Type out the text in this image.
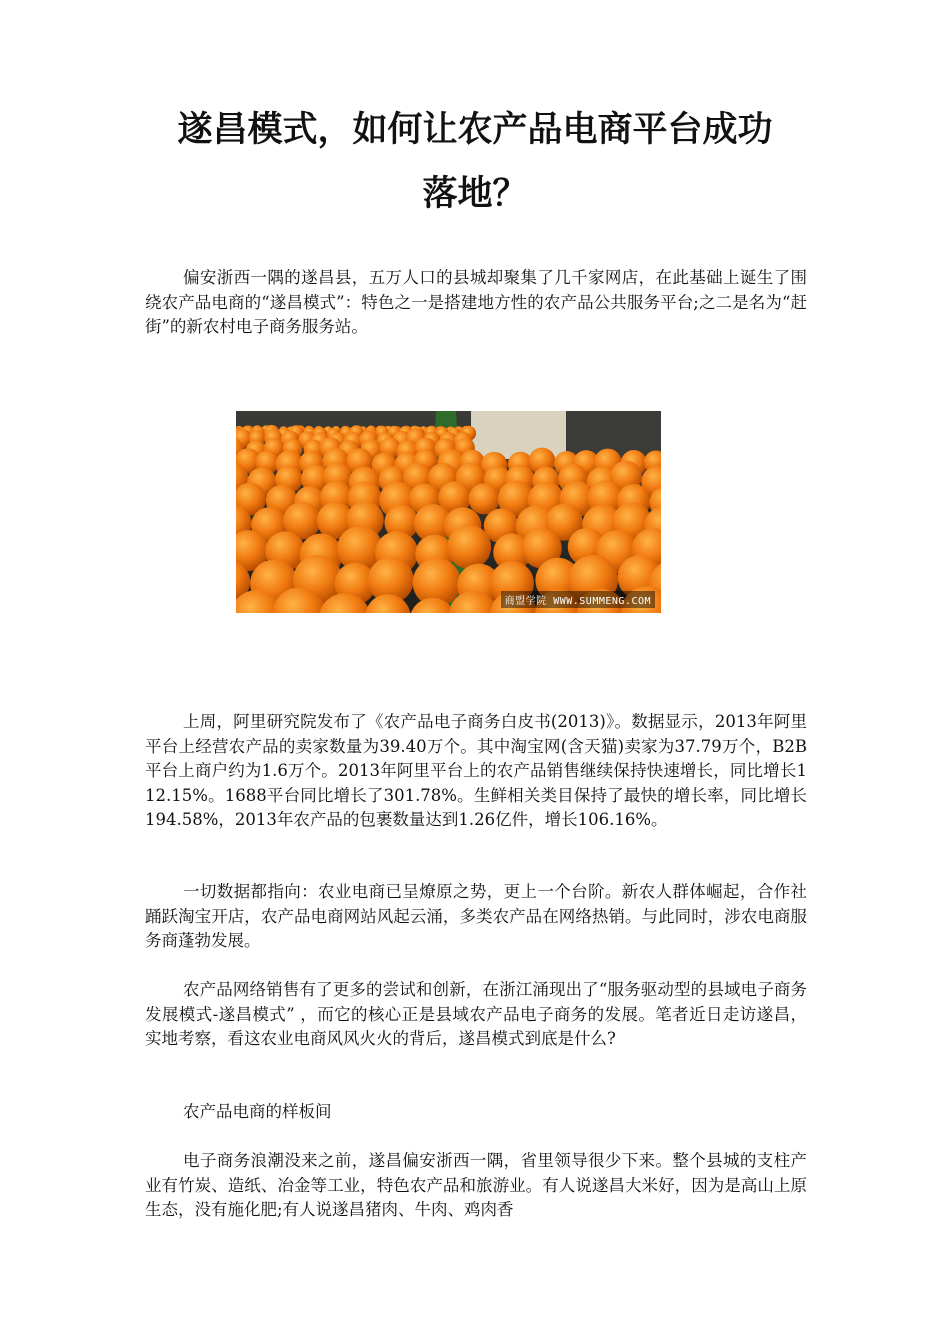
遂昌模式，如何让农产品电商平台成功
落地？

偏安浙西一隅的遂昌县，五万人口的县城却聚集了几千家网店，在此基础上诞生了围绕农产品电商的“遂昌模式”：特色之一是搭建地方性的农产品公共服务平台;之二是名为“赶街”的新农村电子商务服务站。

商盟学院 WWW.SUMMENG.COM

上周，阿里研究院发布了《农产品电子商务白皮书(2013)》。数据显示，2013年阿里平台上经营农产品的卖家数量为39.40万个。其中淘宝网(含天猫)卖家为37.79万个，B2B平台上商户约为1.6万个。2013年阿里平台上的农产品销售继续保持快速增长，同比增长112.15%。1688平台同比增长了301.78%。生鲜相关类目保持了最快的增长率，同比增长194.58%，2013年农产品的包裹数量达到1.26亿件，增长106.16%。

一切数据都指向：农业电商已呈燎原之势，更上一个台阶。新农人群体崛起，合作社踊跃淘宝开店，农产品电商网站风起云涌，多类农产品在网络热销。与此同时，涉农电商服务商蓬勃发展。

农产品网络销售有了更多的尝试和创新，在浙江涌现出了“服务驱动型的县域电子商务发展模式-遂昌模式” ，而它的核心正是县域农产品电子商务的发展。笔者近日走访遂昌，实地考察，看这农业电商风风火火的背后，遂昌模式到底是什么?

农产品电商的样板间

电子商务浪潮没来之前，遂昌偏安浙西一隅，省里领导很少下来。整个县城的支柱产业有竹炭、造纸、冶金等工业，特色农产品和旅游业。有人说遂昌大米好，因为是高山上原生态，没有施化肥;有人说遂昌猪肉、牛肉、鸡肉香
